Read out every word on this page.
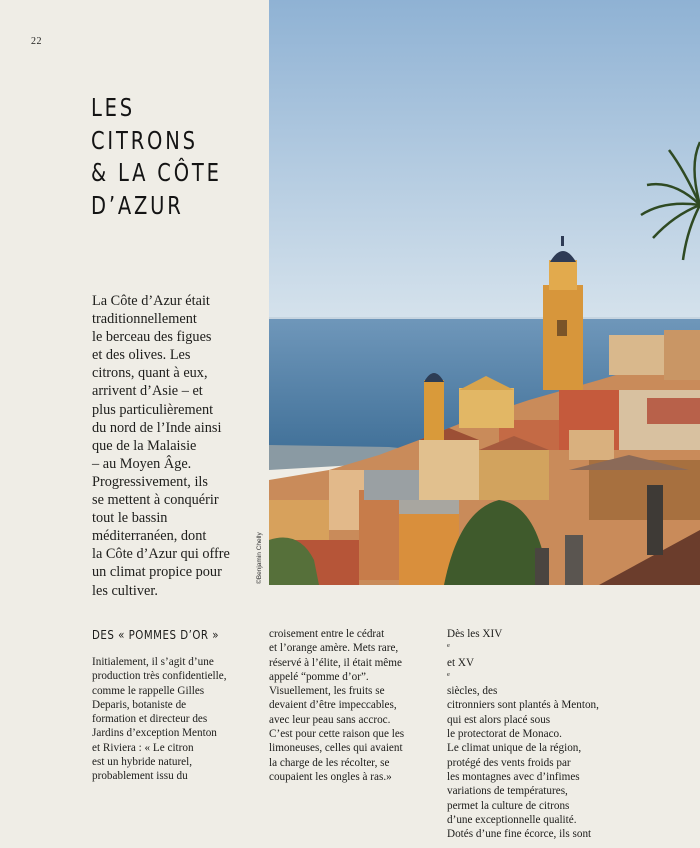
22
LES
CITRONS
& LA CÔTE
D’AZUR

La Côte d’Azur était
traditionnellement
le berceau des figues
et des olives. Les
citrons, quant à eux,
arrivent d’Asie – et
plus particulièrement
du nord de l’Inde ainsi
que de la Malaisie
– au Moyen Âge.
Progressivement, ils
se mettent à conquérir
tout le bassin
méditerranéen, dont
la Côte d’Azur qui offre
un climat propice pour
les cultiver.

©Benjamin Chelly
DES « POMMES D’OR »

Initialement, il s’agit d’une
production très confidentielle,
comme le rappelle Gilles
Deparis, botaniste de
formation et directeur des
Jardins d’exception Menton
et Riviera : « Le citron
est un hybride naturel,
probablement issu du

croisement entre le cédrat
et l’orange amère. Mets rare,
réservé à l’élite, il était même
appelé “pomme d’or”.
Visuellement, les fruits se
devaient d’être impeccables,
avec leur peau sans accroc.
C’est pour cette raison que les
limoneuses, celles qui avaient
la charge de les récolter, se
coupaient les ongles à ras.»

Dès les XIV
$^e$
et XV
$^e$
siècles, des
citronniers sont plantés à Menton,
qui est alors placé sous
le protectorat de Monaco.
Le climat unique de la région,
protégé des vents froids par
les montagnes avec d’infimes
variations de températures,
permet la culture de citrons
d’une exceptionnelle qualité.
Dotés d’une fine écorce, ils sont
